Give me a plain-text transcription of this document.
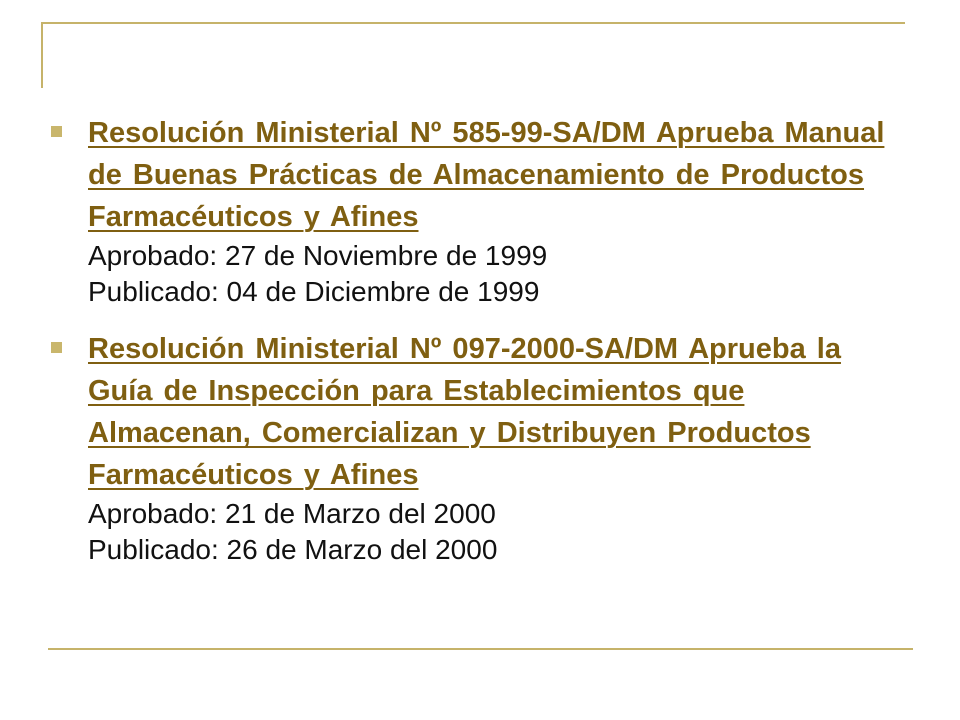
Resolución Ministerial Nº 585-99-SA/DM Aprueba Manual de Buenas Prácticas de Almacenamiento de Productos Farmacéuticos y Afines
Aprobado: 27 de Noviembre de 1999
Publicado: 04 de Diciembre de 1999
Resolución Ministerial Nº 097-2000-SA/DM Aprueba la Guía de Inspección para Establecimientos que Almacenan, Comercializan y Distribuyen Productos Farmacéuticos y Afines
Aprobado: 21 de Marzo del 2000
Publicado: 26 de Marzo del 2000
